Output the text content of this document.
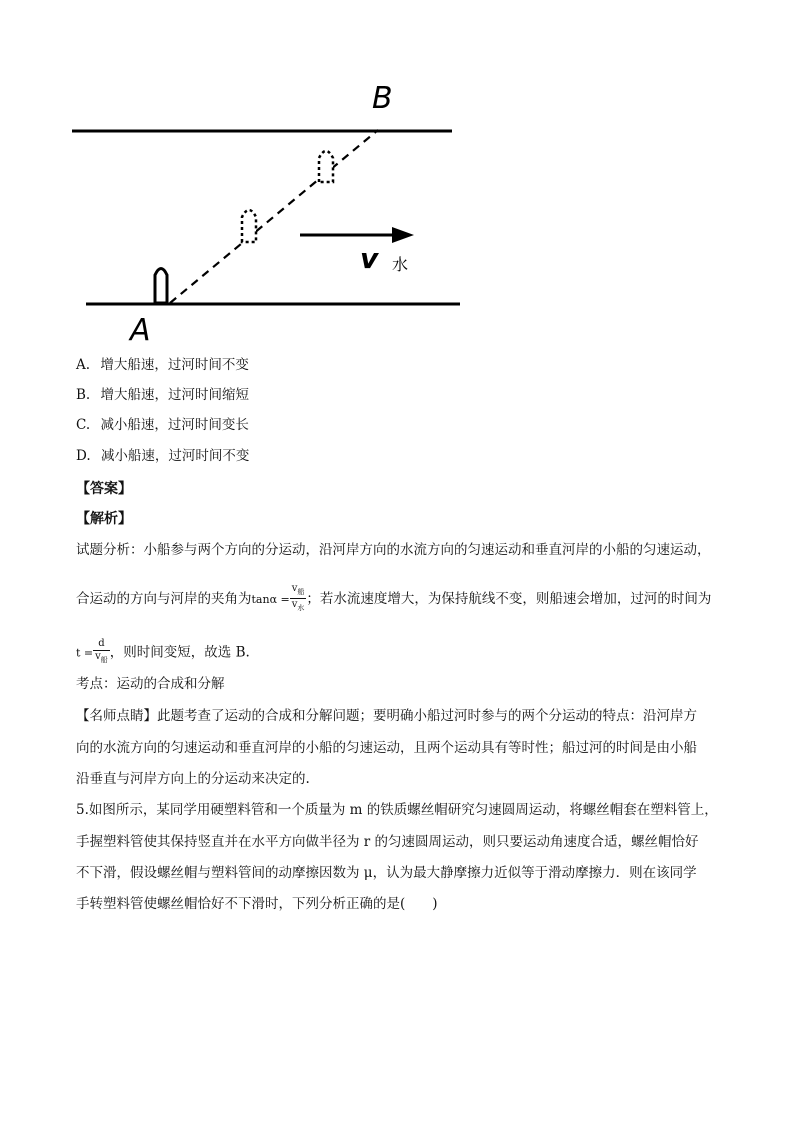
B
A
v 水
A. 增大船速，过河时间不变
B. 增大船速，过河时间缩短
C. 减小船速，过河时间变长
D. 减小船速，过河时间不变
【答案】
【解析】
试题分析：小船参与两个方向的分运动，沿河岸方向的水流方向的匀速运动和垂直河岸的小船的匀速运动，
合运动的方向与河岸的夹角为$\tan\alpha = \frac{v_船}{v_水}$ ；若水流速度增大，为保持航线不变，则船速会增加，过河的时间为
$t = \frac{d}{v_船}$ ，则时间变短，故选 B.
考点：运动的合成和分解
【名师点睛】此题考查了运动的合成和分解问题；要明确小船过河时参与的两个分运动的特点：沿河岸方
向的水流方向的匀速运动和垂直河岸的小船的匀速运动，且两个运动具有等时性；船过河的时间是由小船
沿垂直与河岸方向上的分运动来决定的.
5.如图所示，某同学用硬塑料管和一个质量为 m 的铁质螺丝帽研究匀速圆周运动，将螺丝帽套在塑料管上，
手握塑料管使其保持竖直并在水平方向做半径为 r 的匀速圆周运动，则只要运动角速度合适，螺丝帽恰好
不下滑，假设螺丝帽与塑料管间的动摩擦因数为 μ，认为最大静摩擦力近似等于滑动摩擦力．则在该同学
手转塑料管使螺丝帽恰好不下滑时，下列分析正确的是(　　)
